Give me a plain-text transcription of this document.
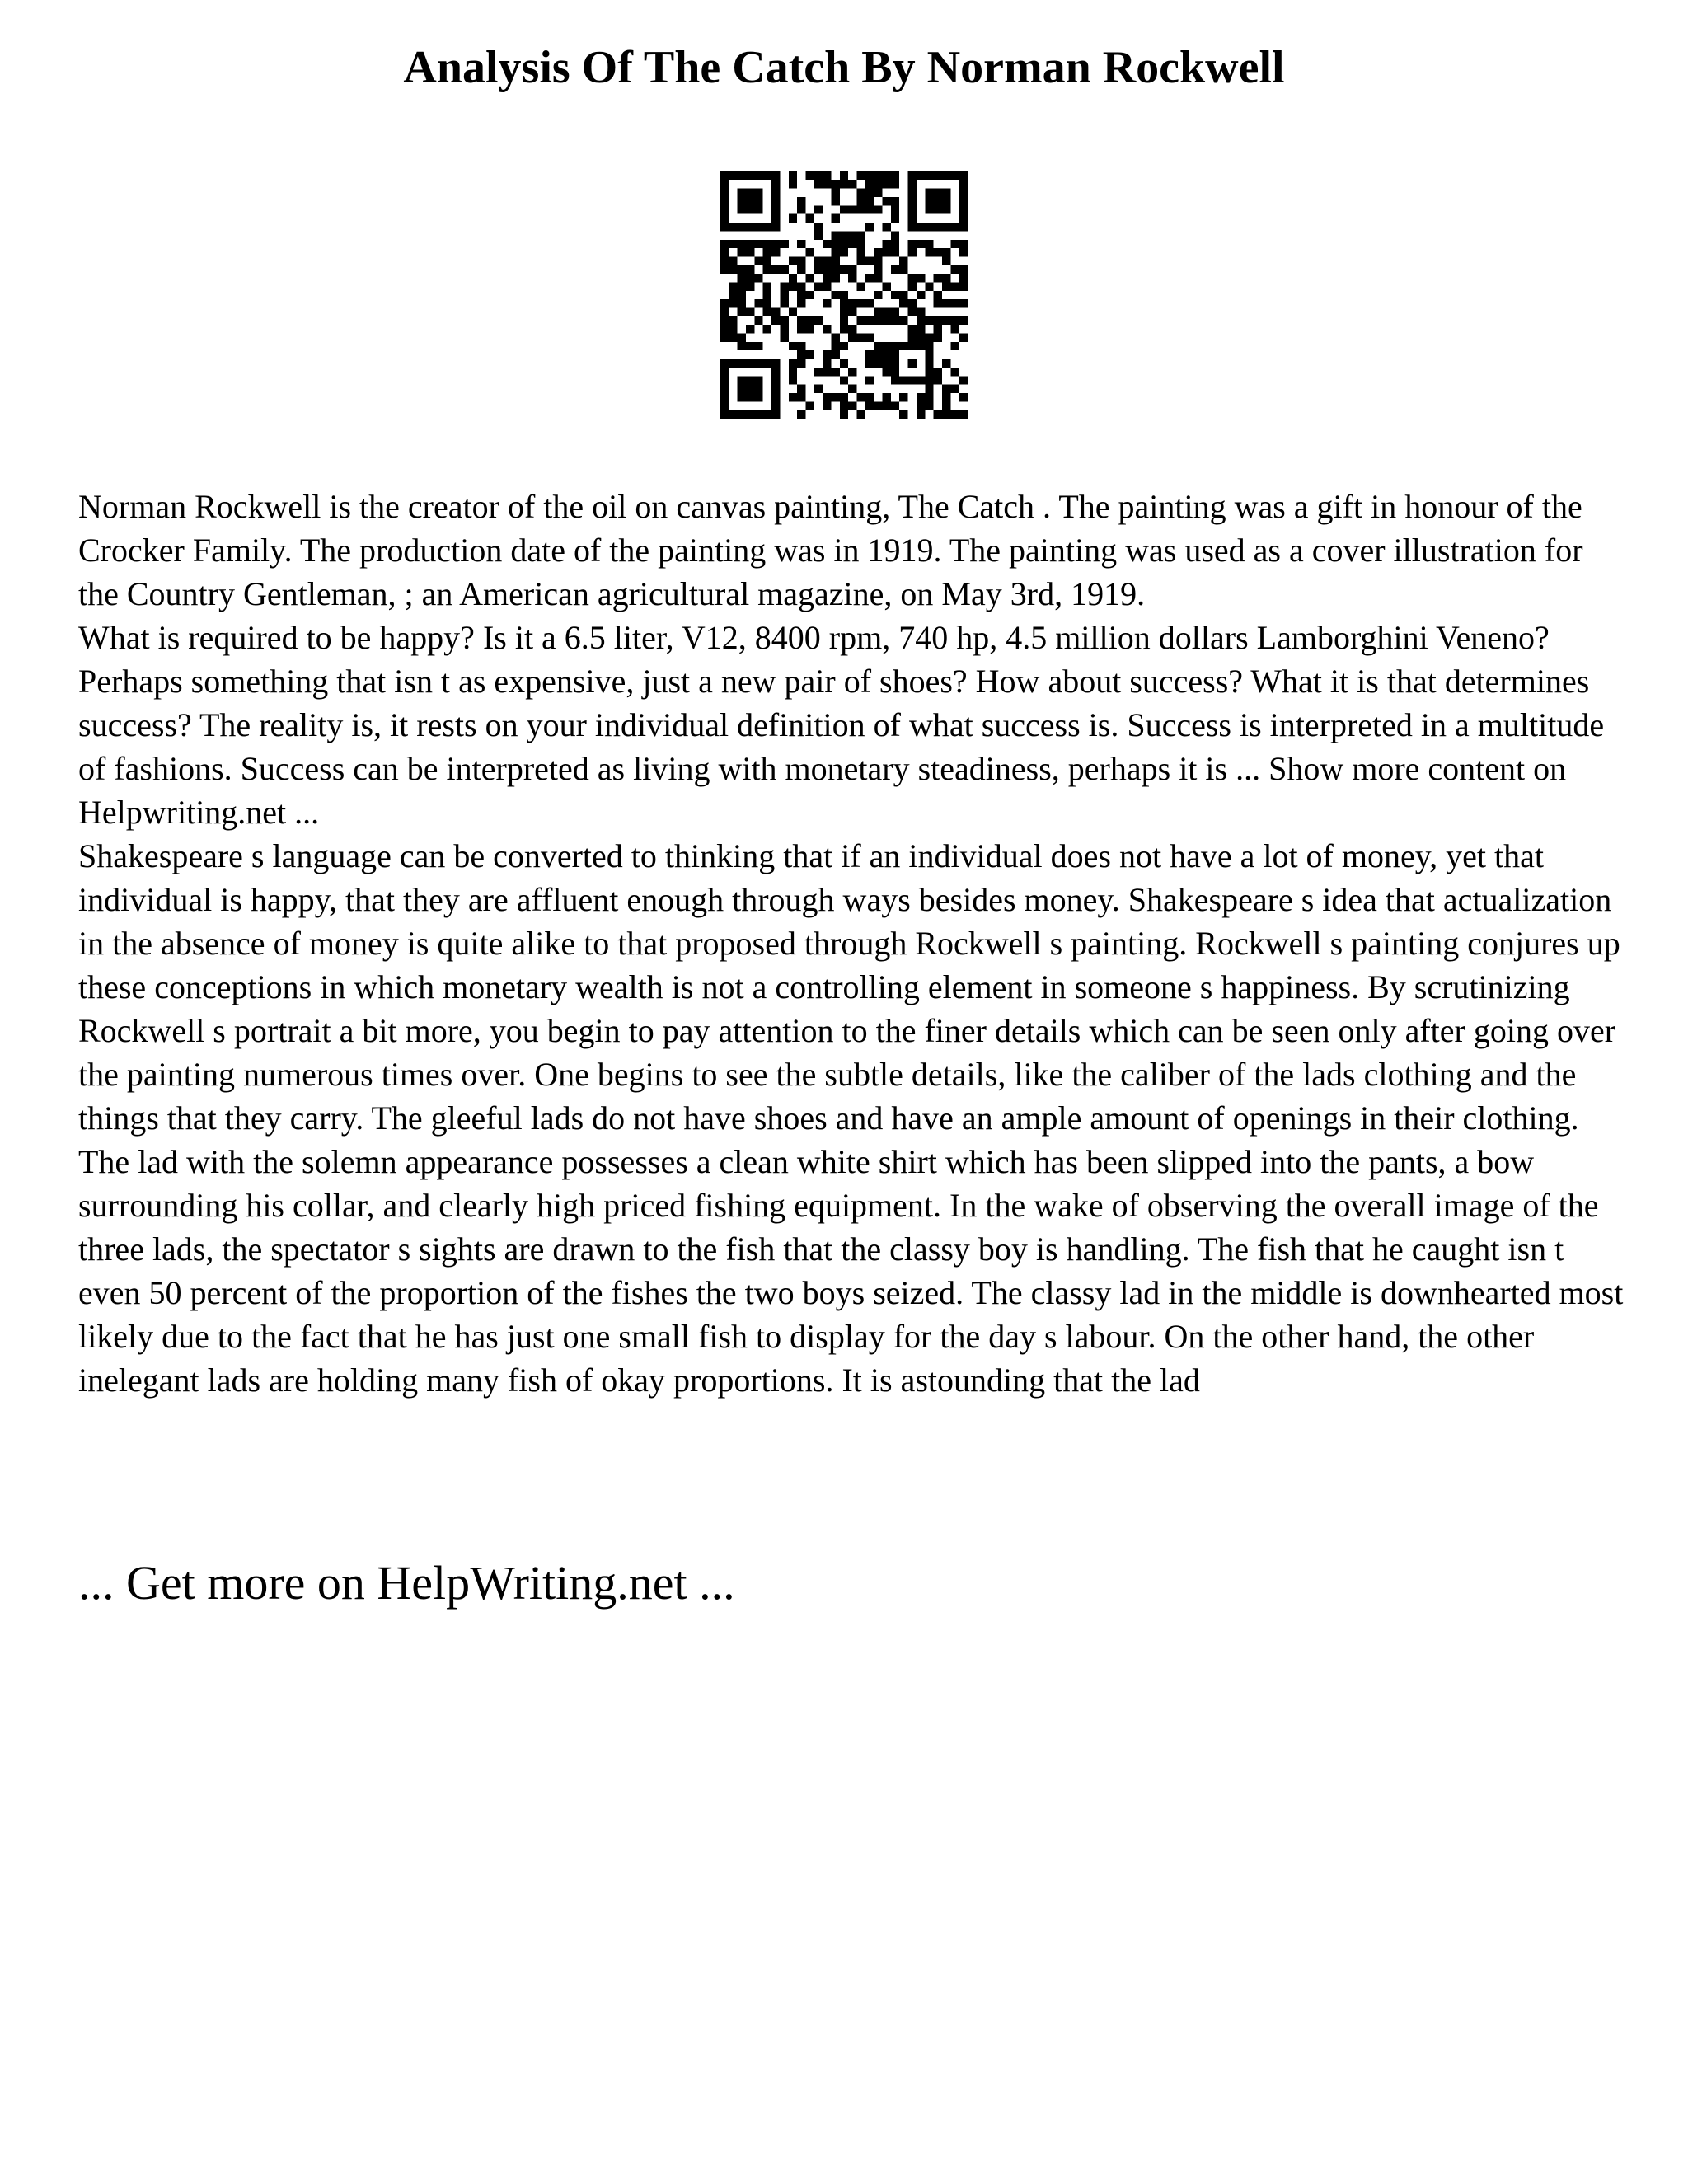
Analysis Of The Catch By Norman Rockwell

Norman Rockwell is the creator of the oil on canvas painting, The Catch . The painting was a gift in honour of the Crocker Family. The production date of the painting was in 1919. The painting was used as a cover illustration for the Country Gentleman, ; an American agricultural magazine, on May 3rd, 1919.

What is required to be happy? Is it a 6.5 liter, V12, 8400 rpm, 740 hp, 4.5 million dollars Lamborghini Veneno? Perhaps something that isn t as expensive, just a new pair of shoes? How about success? What it is that determines success? The reality is, it rests on your individual definition of what success is. Success is interpreted in a multitude of fashions. Success can be interpreted as living with monetary steadiness, perhaps it is ... Show more content on Helpwriting.net ...

Shakespeare s language can be converted to thinking that if an individual does not have a lot of money, yet that individual is happy, that they are affluent enough through ways besides money. Shakespeare s idea that actualization in the absence of money is quite alike to that proposed through Rockwell s painting. Rockwell s painting conjures up these conceptions in which monetary wealth is not a controlling element in someone s happiness. By scrutinizing Rockwell s portrait a bit more, you begin to pay attention to the finer details which can be seen only after going over the painting numerous times over. One begins to see the subtle details, like the caliber of the lads clothing and the things that they carry. The gleeful lads do not have shoes and have an ample amount of openings in their clothing. The lad with the solemn appearance possesses a clean white shirt which has been slipped into the pants, a bow surrounding his collar, and clearly high priced fishing equipment. In the wake of observing the overall image of the three lads, the spectator s sights are drawn to the fish that the classy boy is handling. The fish that he caught isn t even 50 percent of the proportion of the fishes the two boys seized. The classy lad in the middle is downhearted most likely due to the fact that he has just one small fish to display for the day s labour. On the other hand, the other inelegant lads are holding many fish of okay proportions. It is astounding that the lad

... Get more on HelpWriting.net ...
